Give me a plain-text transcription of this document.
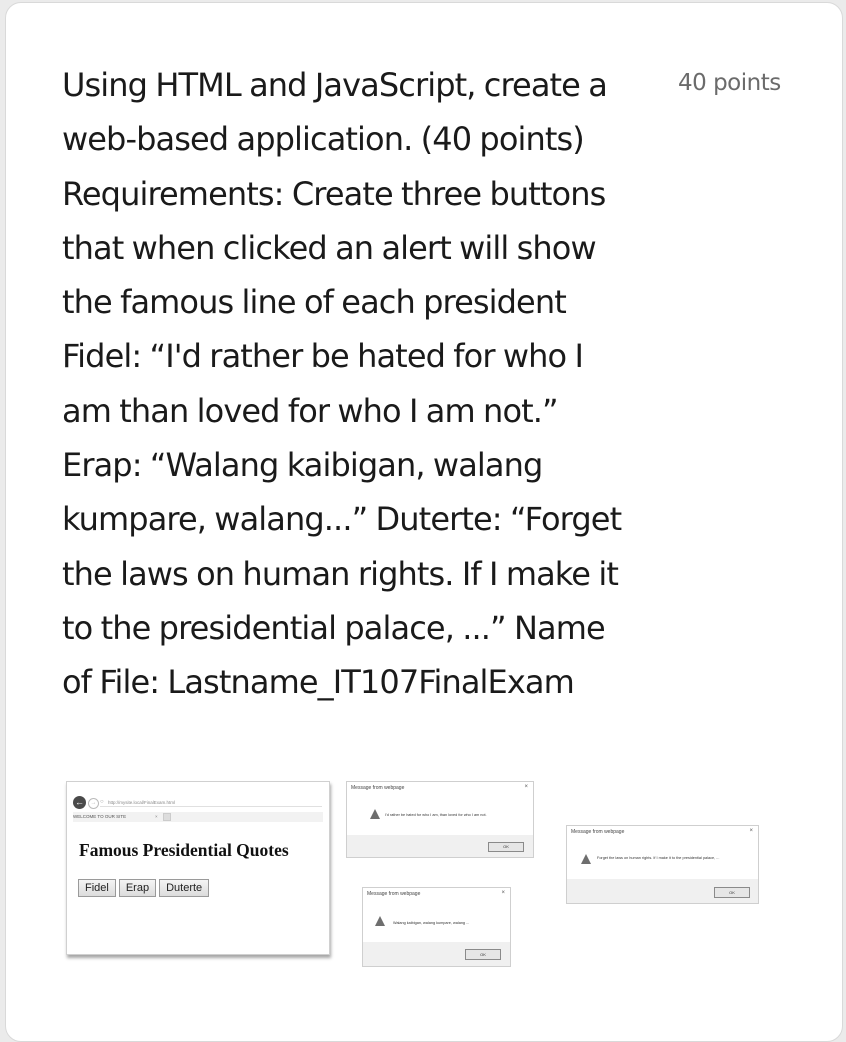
Using HTML and JavaScript, create a
web-based application. (40 points)
Requirements: Create three buttons
that when clicked an alert will show
the famous line of each president
Fidel: “I'd rather be hated for who I
am than loved for who I am not.”
Erap: “Walang kaibigan, walang
kumpare, walang...” Duterte: “Forget
the laws on human rights. If I make it
to the presidential palace, ...” Name
of File: Lastname_IT107FinalExam
40 points
←	→ ○ http://mysite.local/FinalExam.html
WELCOME TO OUR SITE	×
Famous Presidential Quotes
Fidel	Erap	Duterte
Message from webpage	×
I'd rather be hated for who I am, than loved for who I am not.
OK
Message from webpage	×
Walang kaibigan, walang kumpare, walang ...
OK
Message from webpage	×
Forget the laws on human rights. If I make it to the presidential palace, ...
OK
